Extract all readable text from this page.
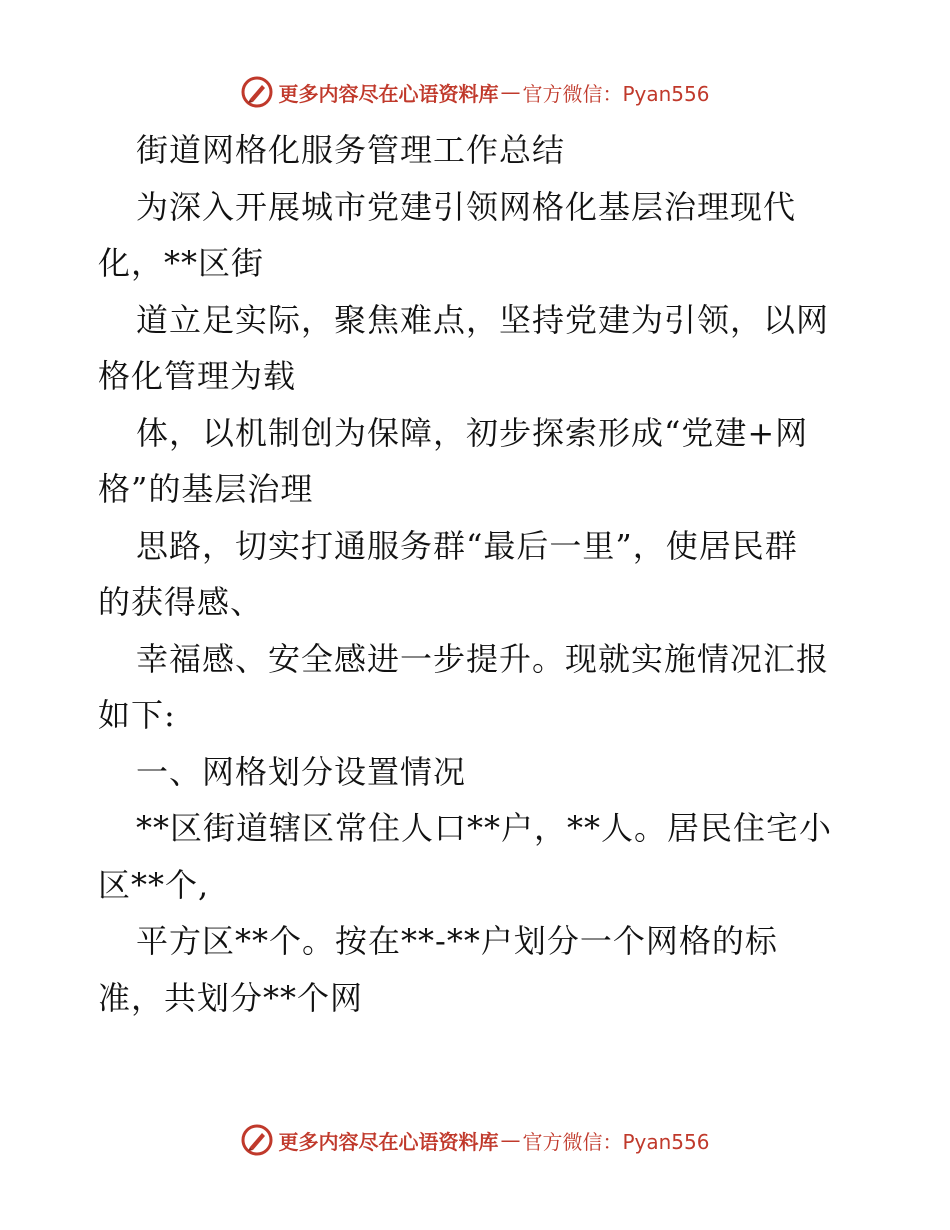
更多内容尽在心语资料库 — 官方微信：Pyan556
街道网格化服务管理工作总结
为深入开展城市党建引领网格化基层治理现代
化，**区街
道立足实际，聚焦难点，坚持党建为引领，以网
格化管理为载
体，以机制创为保障，初步探索形成“党建+网
格”的基层治理
思路，切实打通服务群“最后一里”，使居民群
的获得感、
幸福感、安全感进一步提升。现就实施情况汇报
如下:
一、网格划分设置情况
**区街道辖区常住人口**户，**人。居民住宅小
区**个,
平方区**个。按在**-**户划分一个网格的标
准，共划分**个网
更多内容尽在心语资料库 — 官方微信：Pyan556
